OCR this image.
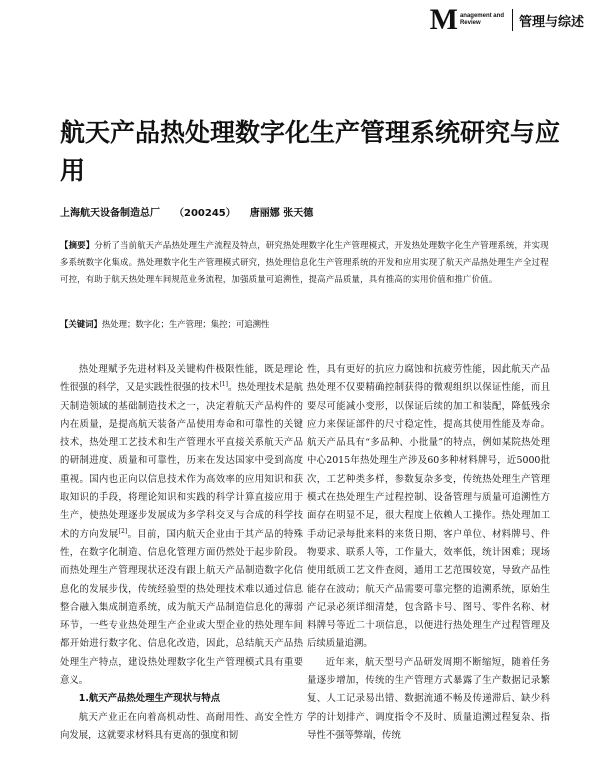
M anagement and
Review	管理与综述
航天产品热处理数字化生产管理系统研究与应用
上海航天设备制造总厂 （200245） 唐丽娜 张天德
【摘要】分析了当前航天产品热处理生产流程及特点，研究热处理数字化生产管理模式，开发热处理数字化生产管理系统，并实现多系统数字化集成。热处理数字化生产管理模式研究，热处理信息化生产管理系统的开发和应用实现了航天产品热处理生产全过程可控，有助于航天热处理车间规范业务流程，加强质量可追溯性，提高产品质量，具有推高的实用价值和推广价值。
【关键词】热处理；数字化；生产管理；集控；可追溯性

热处理赋予先进材料及关键构件极限性能，既是理论性很强的科学，又是实践性很强的技术[1]。热处理技术是航天制造领域的基础制造技术之一，决定着航天产品构件的内在质量，是提高航天装备产品使用寿命和可靠性的关键技术，热处理工艺技术和生产管理水平直接关系航天产品的研制进度、质量和可靠性，历来在发达国家中受到高度重视。国内也正向以信息技术作为高效率的应用知识和获取知识的手段，将理论知识和实践的科学计算直接应用于生产，使热处理逐步发展成为多学科交叉与合成的科学技术的方向发展[2]。目前，国内航天企业由于其产品的特殊性，在数字化制造、信息化管理方面仍然处于起步阶段。而热处理生产管理现状还没有跟上航天产品制造数字化信息化的发展步伐，传统经验型的热处理技术难以通过信息整合融入集成制造系统，成为航天产品制造信息化的薄弱环节，一些专业热处理生产企业或大型企业的热处理车间都开始进行数字化、信息化改造，因此，总结航天产品热处理生产特点，建设热处理数字化生产管理模式具有重要意义。

1.航天产品热处理生产现状与特点

航天产业正在向着高机动性、高耐用性、高安全性方向发展，这就要求材料具有更高的强度和韧

性，具有更好的抗应力腐蚀和抗疲劳性能，因此航天产品热处理不仅要精确控制获得的微观组织以保证性能，而且要尽可能减小变形，以保证后续的加工和装配，降低残余应力来保证部件的尺寸稳定性，提高其使用性能及寿命。航天产品具有“多品种、小批量”的特点，例如某院热处理中心2015年热处理生产涉及60多种材料牌号，近5000批次，工艺种类多样，参数复杂多变，传统热处理生产管理模式在热处理生产过程控制、设备管理与质量可追溯性方面存在明显不足，很大程度上依赖人工操作。热处理加工手动记录每批来料的来货日期、客户单位、材料牌号、件物要求、联系人等，工作量大，效率低，统计困难；现场使用纸质工艺文件查阅，通用工艺范围较宽，导致产品性能存在波动；航天产品需要可靠完整的追溯系统，原始生产记录必须详细清楚，包含路卡号、图号、零件名称、材料牌号等近二十项信息，以便进行热处理生产过程管理及后续质量追溯。

近年来，航天型号产品研发周期不断缩短，随着任务量逐步增加，传统的生产管理方式暴露了生产数据记录繁复、人工记录易出错、数据流通不畅及传递滞后、缺少科学的计划排产、调度指令不及时、质量追溯过程复杂、指导性不强等弊端，传统
